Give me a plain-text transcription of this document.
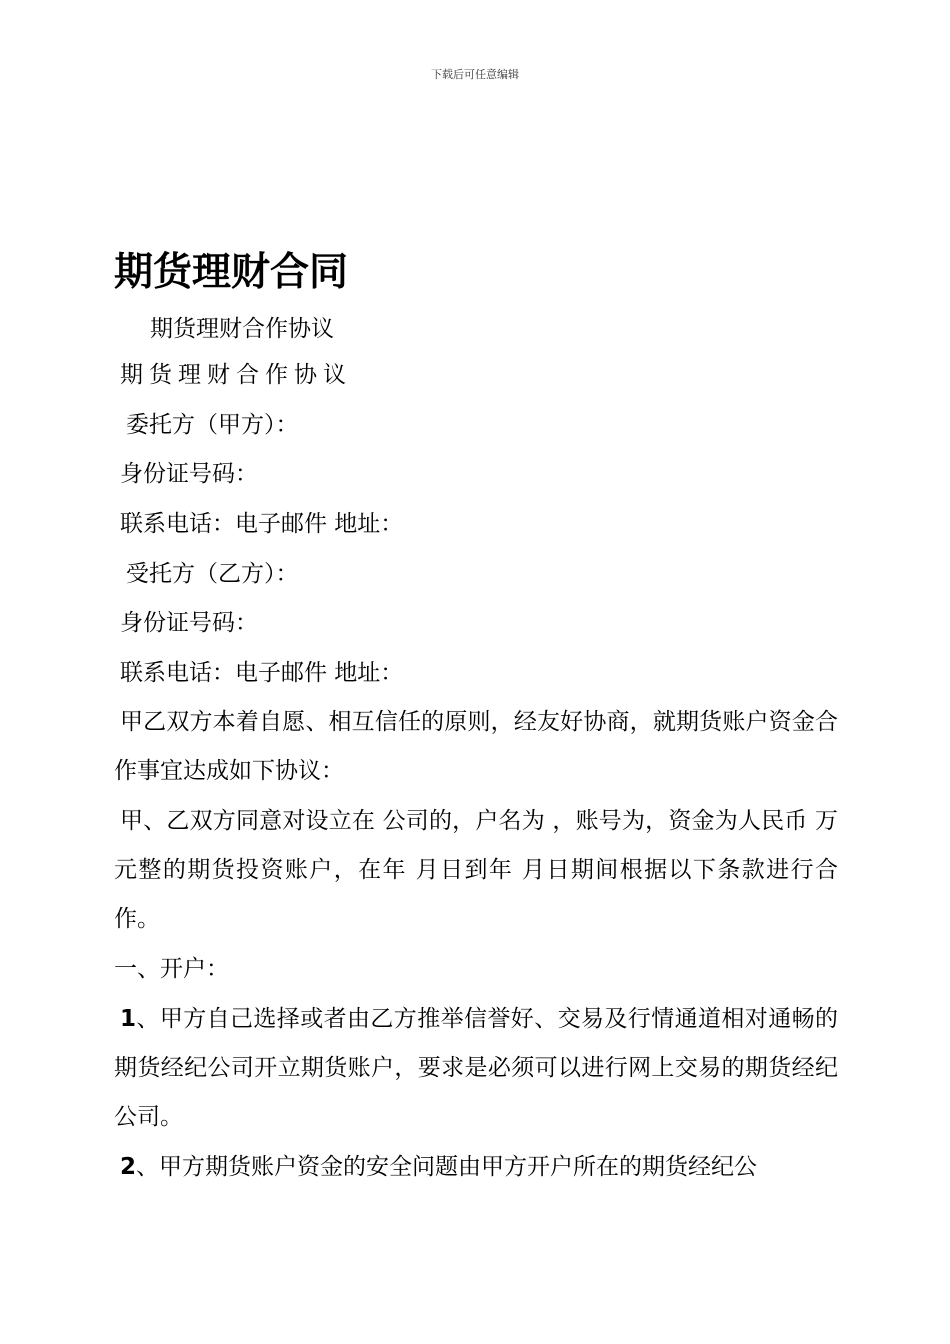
下载后可任意编辑
期货理财合同
期货理财合作协议
期货理财合作协议
委托方（甲方）：
身份证号码：
联系电话：电子邮件 地址：
受托方（乙方）：
身份证号码：
联系电话：电子邮件 地址：
甲乙双方本着自愿、相互信任的原则，经友好协商，就期货账户资金合作事宜达成如下协议：
甲、乙双方同意对设立在 公司的，户名为 ，账号为，资金为人民币 万元整的期货投资账户，在年 月日到年 月日期间根据以下条款进行合作。
一、开户：
1、甲方自己选择或者由乙方推举信誉好、交易及行情通道相对通畅的期货经纪公司开立期货账户，要求是必须可以进行网上交易的期货经纪公司。
2、甲方期货账户资金的安全问题由甲方开户所在的期货经纪公
